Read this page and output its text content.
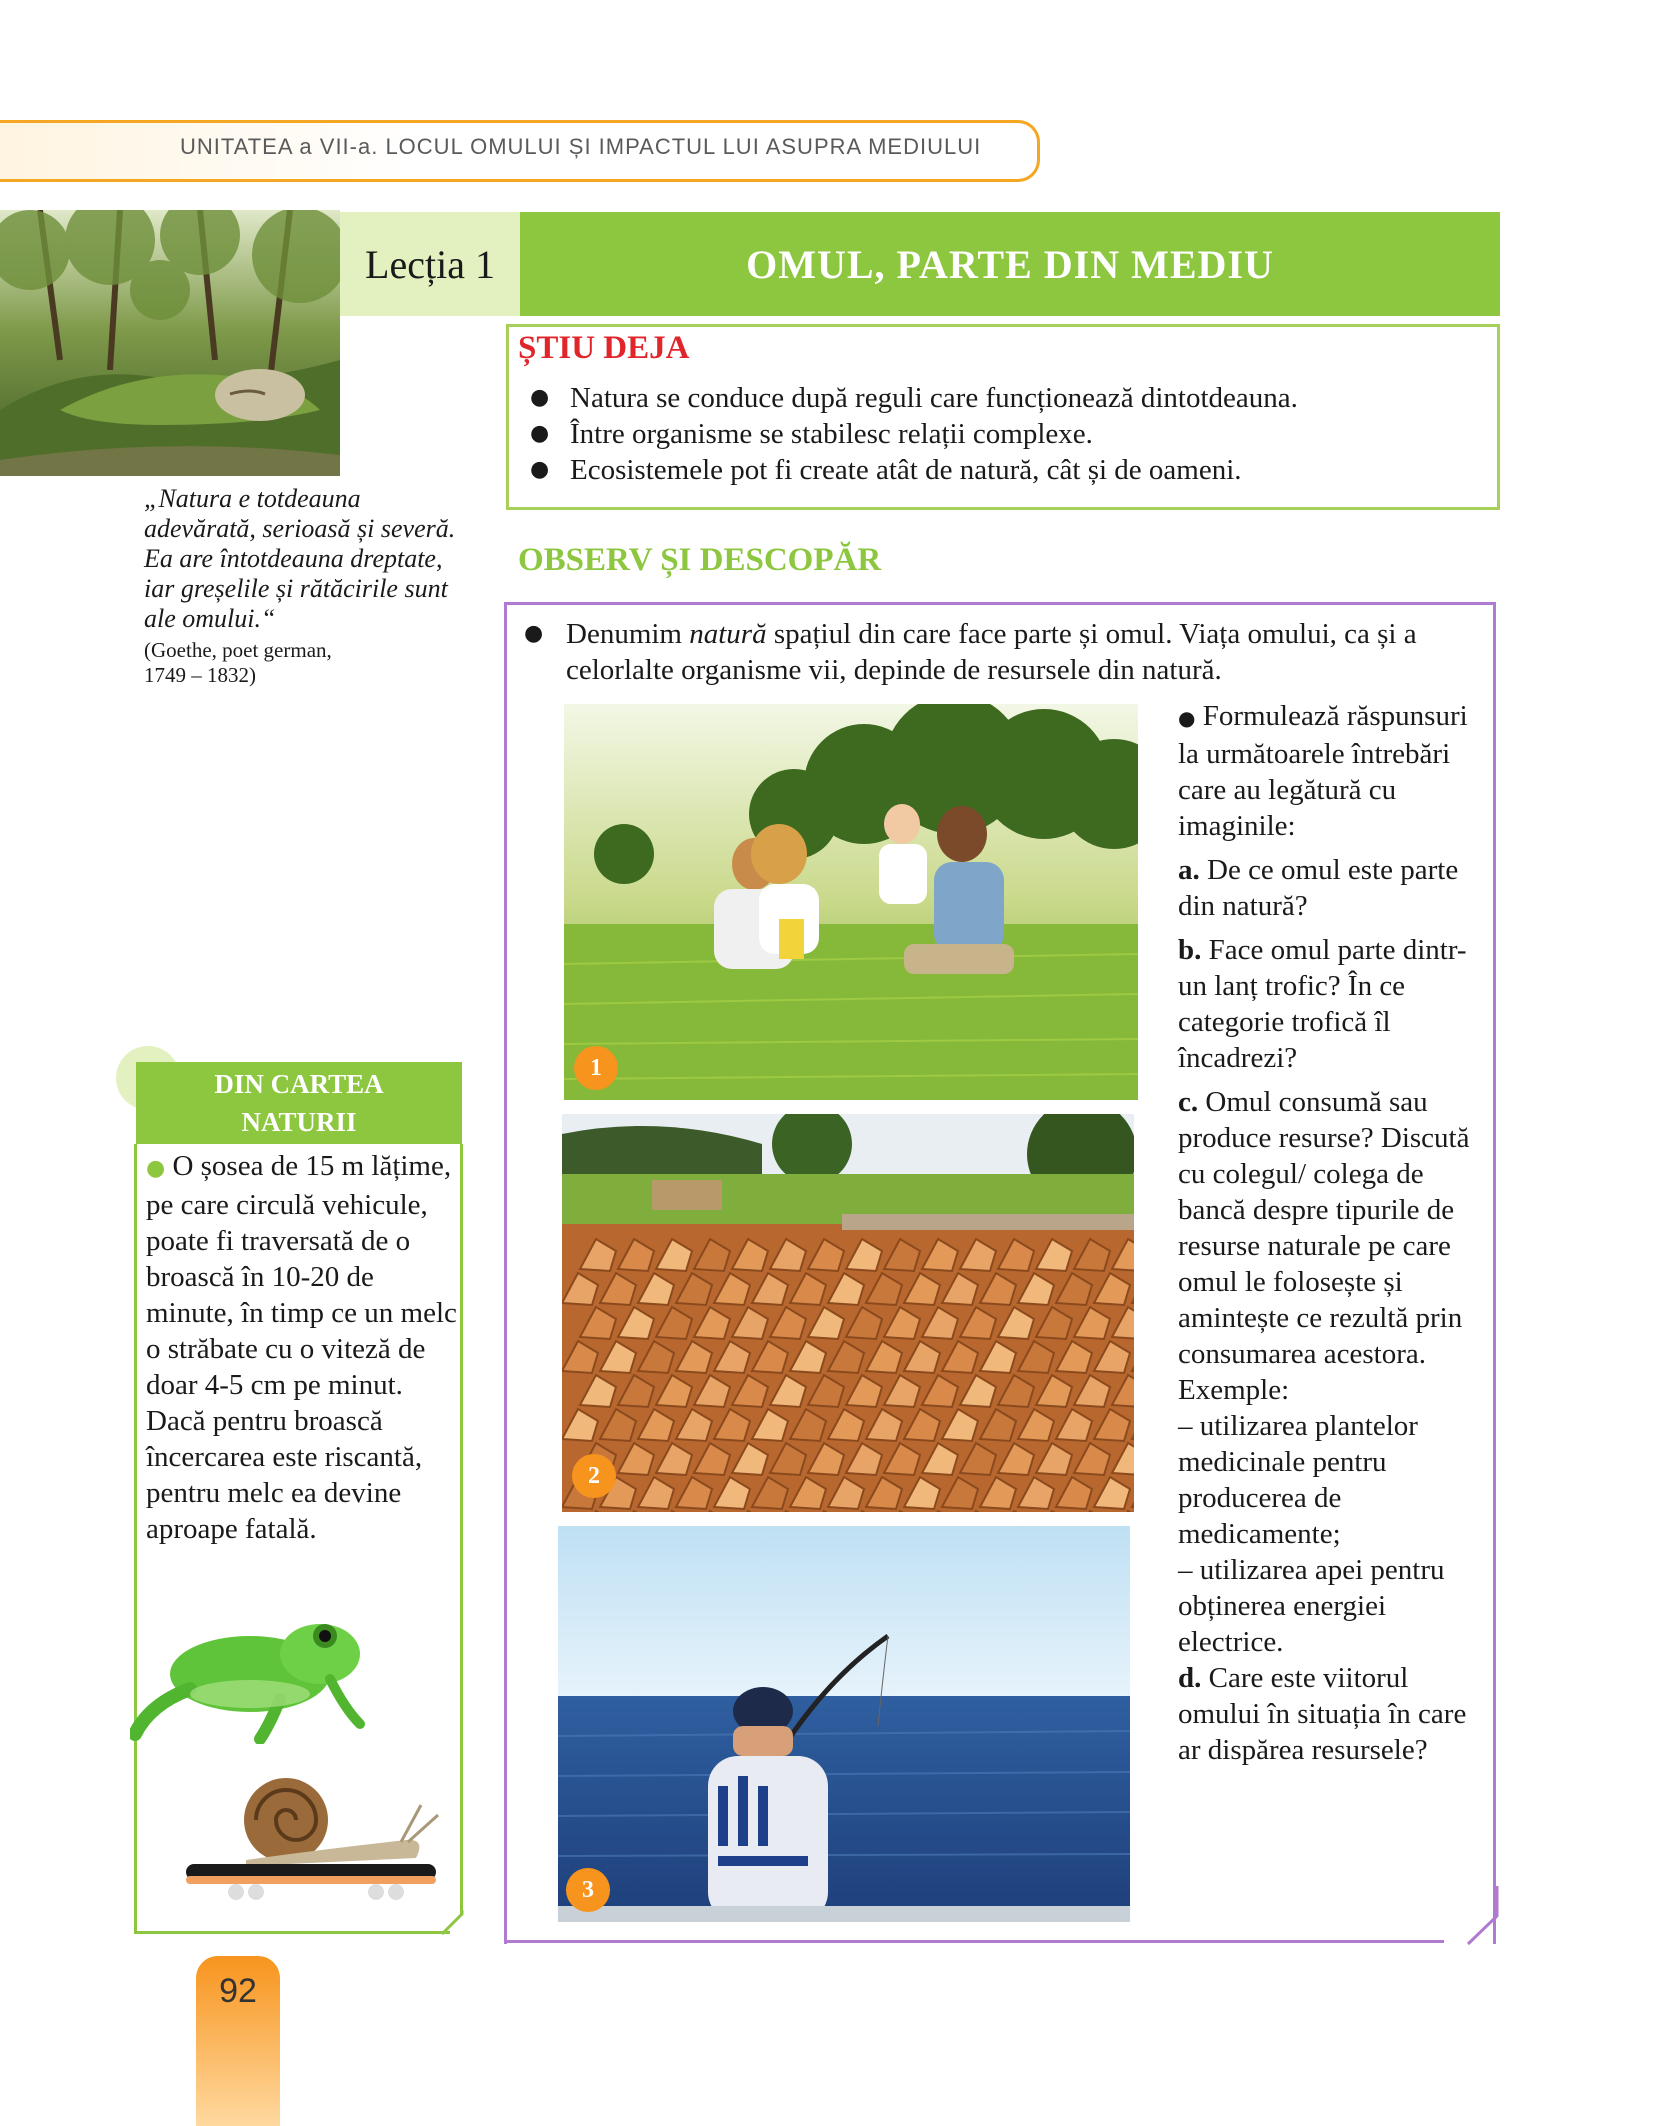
UNITATEA a VII-a. LOCUL OMULUI ȘI IMPACTUL LUI ASUPRA MEDIULUI
Lecția 1	OMUL, PARTE DIN MEDIU
„Natura e totdeauna adevărată, serioasă și severă. Ea are întotdeauna dreptate, iar greșelile și rătăcirile sunt ale omului.“
(Goethe, poet german,
1749 – 1832)
ȘTIU DEJA
● Natura se conduce după reguli care funcționează dintotdeauna.
● Între organisme se stabilesc relații complexe.
● Ecosistemele pot fi create atât de natură, cât și de oameni.
OBSERV ȘI DESCOPĂR
● Denumim natură spațiul din care face parte și omul. Viața omului, ca și a celorlalte organisme vii, depinde de resursele din natură.

1
2
3

● Formulează răspunsuri la următoarele întrebări care au legătură cu imaginile:

a. De ce omul este parte din natură?

b. Face omul parte dintr-un lanț trofic? În ce categorie trofică îl încadrezi?

c. Omul consumă sau produce resurse? Discută cu colegul/ colega de bancă despre tipurile de resurse naturale pe care omul le folosește și amintește ce rezultă prin consumarea acestora. Exemple:

– utilizarea plantelor medicinale pentru producerea de medicamente;

– utilizarea apei pentru obținerea energiei electrice.

d. Care este viitorul omului în situația în care ar dispărea resursele?

DIN CARTEA
NATURII
● O șosea de 15 m lățime, pe care circulă vehicule, poate fi traversată de o broască în 10-20 de minute, în timp ce un melc o străbate cu o viteză de doar 4-5 cm pe minut. Dacă pentru broască încercarea este riscantă, pentru melc ea devine aproape fatală.
92
